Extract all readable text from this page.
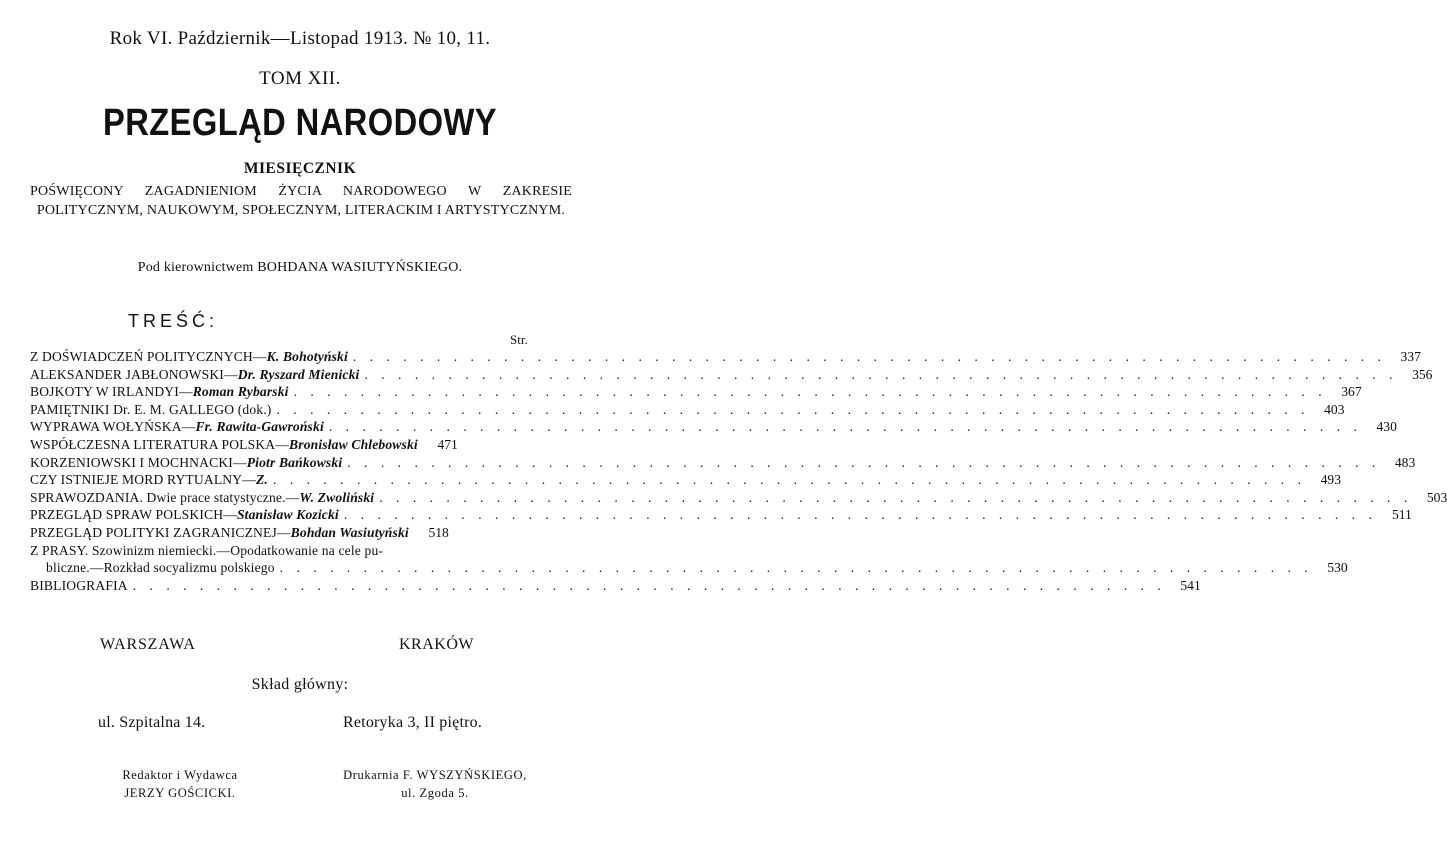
Rok VI. Październik—Listopad 1913. № 10, 11.
TOM XII.
PRZEGLĄD NARODOWY
MIESIĘCZNIK
POŚWIĘCONY ZAGADNIENIOM ŻYCIA NARODOWEGO W ZAKRESIE POLITYCZNYM, NAUKOWYM, SPOŁECZNYM, LITERACKIM I ARTYSTYCZNYM.
Pod kierownictwem BOHDANA WASIUTYŃSKIEGO.
TREŚĆ:
Str.
Z DOŚWIADCZEŃ POLITYCZNYCH—K. Bohotyński . . .	337
ALEKSANDER JABŁONOWSKI—Dr. Ryszard Mienicki . . .	356
BOJKOTY W IRLANDYI—Roman Rybarski . . .	367
PAMIĘTNIKI Dr. E. M. GALLEGO (dok.) . . .	403
WYPRAWA WOŁYŃSKA—Fr. Rawita-Gawroński . . .	430
WSPÓŁCZESNA LITERATURA POLSKA—Bronisław Chlebowski	471
KORZENIOWSKI I MOCHNACKI—Piotr Bańkowski . . .	483
CZY ISTNIEJE MORD RYTUALNY—Z. . . .	493
SPRAWOZDANIA. Dwie prace statystyczne.—W. Zwoliński . . .	503
PRZEGLĄD SPRAW POLSKICH—Stanisław Kozicki . . .	511
PRZEGLĄD POLITYKI ZAGRANICZNEJ—Bohdan Wasiutyński	518
Z PRASY. Szowinizm niemiecki.—Opodatkowanie na cele pu-
bliczne.—Rozkład socyalizmu polskiego . . .	530
BIBLIOGRAFIA . . .	541
WARSZAWA	KRAKÓW
Skład główny:
ul. Szpitalna 14.	Retoryka 3, II piętro.
Redaktor i Wydawca
JERZY GOŚCICKI.
Drukarnia F. WYSZYŃSKIEGO,
ul. Zgoda 5.
